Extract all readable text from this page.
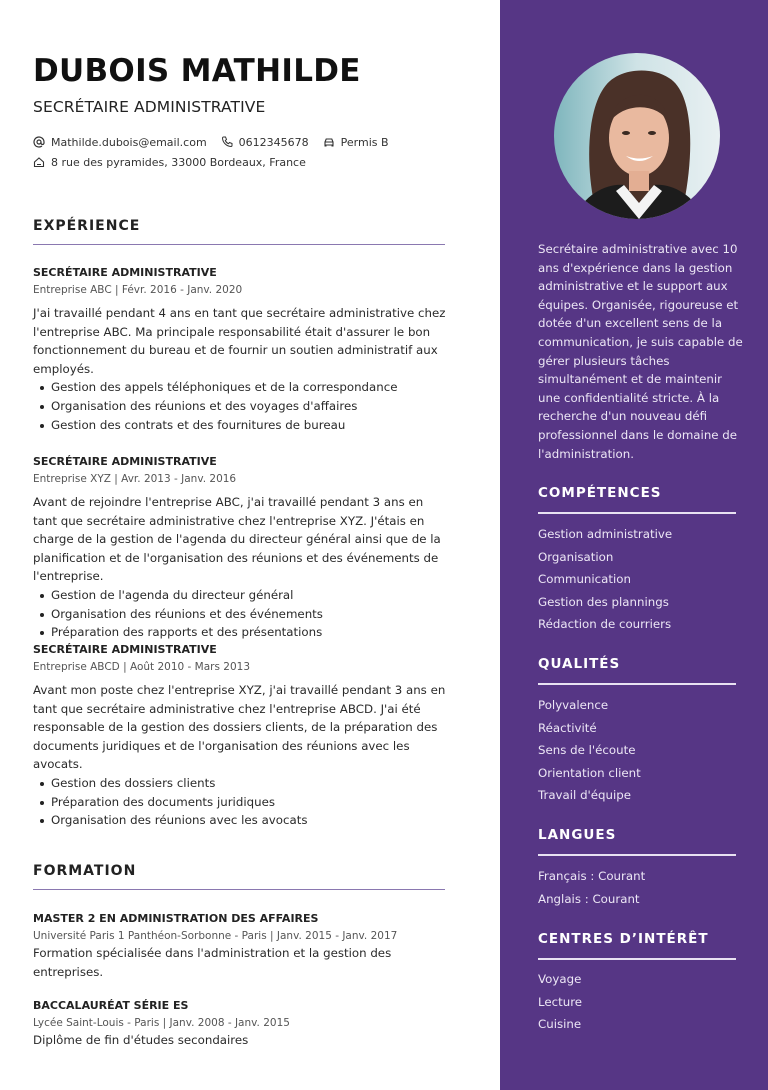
DUBOIS MATHILDE
SECRÉTAIRE ADMINISTRATIVE
Mathilde.dubois@email.com	0612345678	Permis B
8 rue des pyramides, 33000 Bordeaux, France
EXPÉRIENCE
SECRÉTAIRE ADMINISTRATIVE
Entreprise ABC | Févr. 2016 - Janv. 2020
J'ai travaillé pendant 4 ans en tant que secrétaire administrative chez l'entreprise ABC. Ma principale responsabilité était d'assurer le bon fonctionnement du bureau et de fournir un soutien administratif aux employés.
Gestion des appels téléphoniques et de la correspondance
Organisation des réunions et des voyages d'affaires
Gestion des contrats et des fournitures de bureau
SECRÉTAIRE ADMINISTRATIVE
Entreprise XYZ | Avr. 2013 - Janv. 2016
Avant de rejoindre l'entreprise ABC, j'ai travaillé pendant 3 ans en tant que secrétaire administrative chez l'entreprise XYZ. J'étais en charge de la gestion de l'agenda du directeur général ainsi que de la planification et de l'organisation des réunions et des événements de l'entreprise.
Gestion de l'agenda du directeur général
Organisation des réunions et des événements
Préparation des rapports et des présentations
SECRÉTAIRE ADMINISTRATIVE
Entreprise ABCD | Août 2010 - Mars 2013
Avant mon poste chez l'entreprise XYZ, j'ai travaillé pendant 3 ans en tant que secrétaire administrative chez l'entreprise ABCD. J'ai été responsable de la gestion des dossiers clients, de la préparation des documents juridiques et de l'organisation des réunions avec les avocats.
Gestion des dossiers clients
Préparation des documents juridiques
Organisation des réunions avec les avocats
FORMATION
MASTER 2 EN ADMINISTRATION DES AFFAIRES
Université Paris 1 Panthéon-Sorbonne - Paris | Janv. 2015 - Janv. 2017
Formation spécialisée dans l'administration et la gestion des entreprises.
BACCALAURÉAT SÉRIE ES
Lycée Saint-Louis - Paris | Janv. 2008 - Janv. 2015
Diplôme de fin d'études secondaires
Secrétaire administrative avec 10 ans d'expérience dans la gestion administrative et le support aux équipes. Organisée, rigoureuse et dotée d'un excellent sens de la communication, je suis capable de gérer plusieurs tâches simultanément et de maintenir une confidentialité stricte. À la recherche d'un nouveau défi professionnel dans le domaine de l'administration.
COMPÉTENCES
Gestion administrative
Organisation
Communication
Gestion des plannings
Rédaction de courriers
QUALITÉS
Polyvalence
Réactivité
Sens de l'écoute
Orientation client
Travail d'équipe
LANGUES
Français : Courant
Anglais : Courant
CENTRES D’INTÉRÊT
Voyage
Lecture
Cuisine
